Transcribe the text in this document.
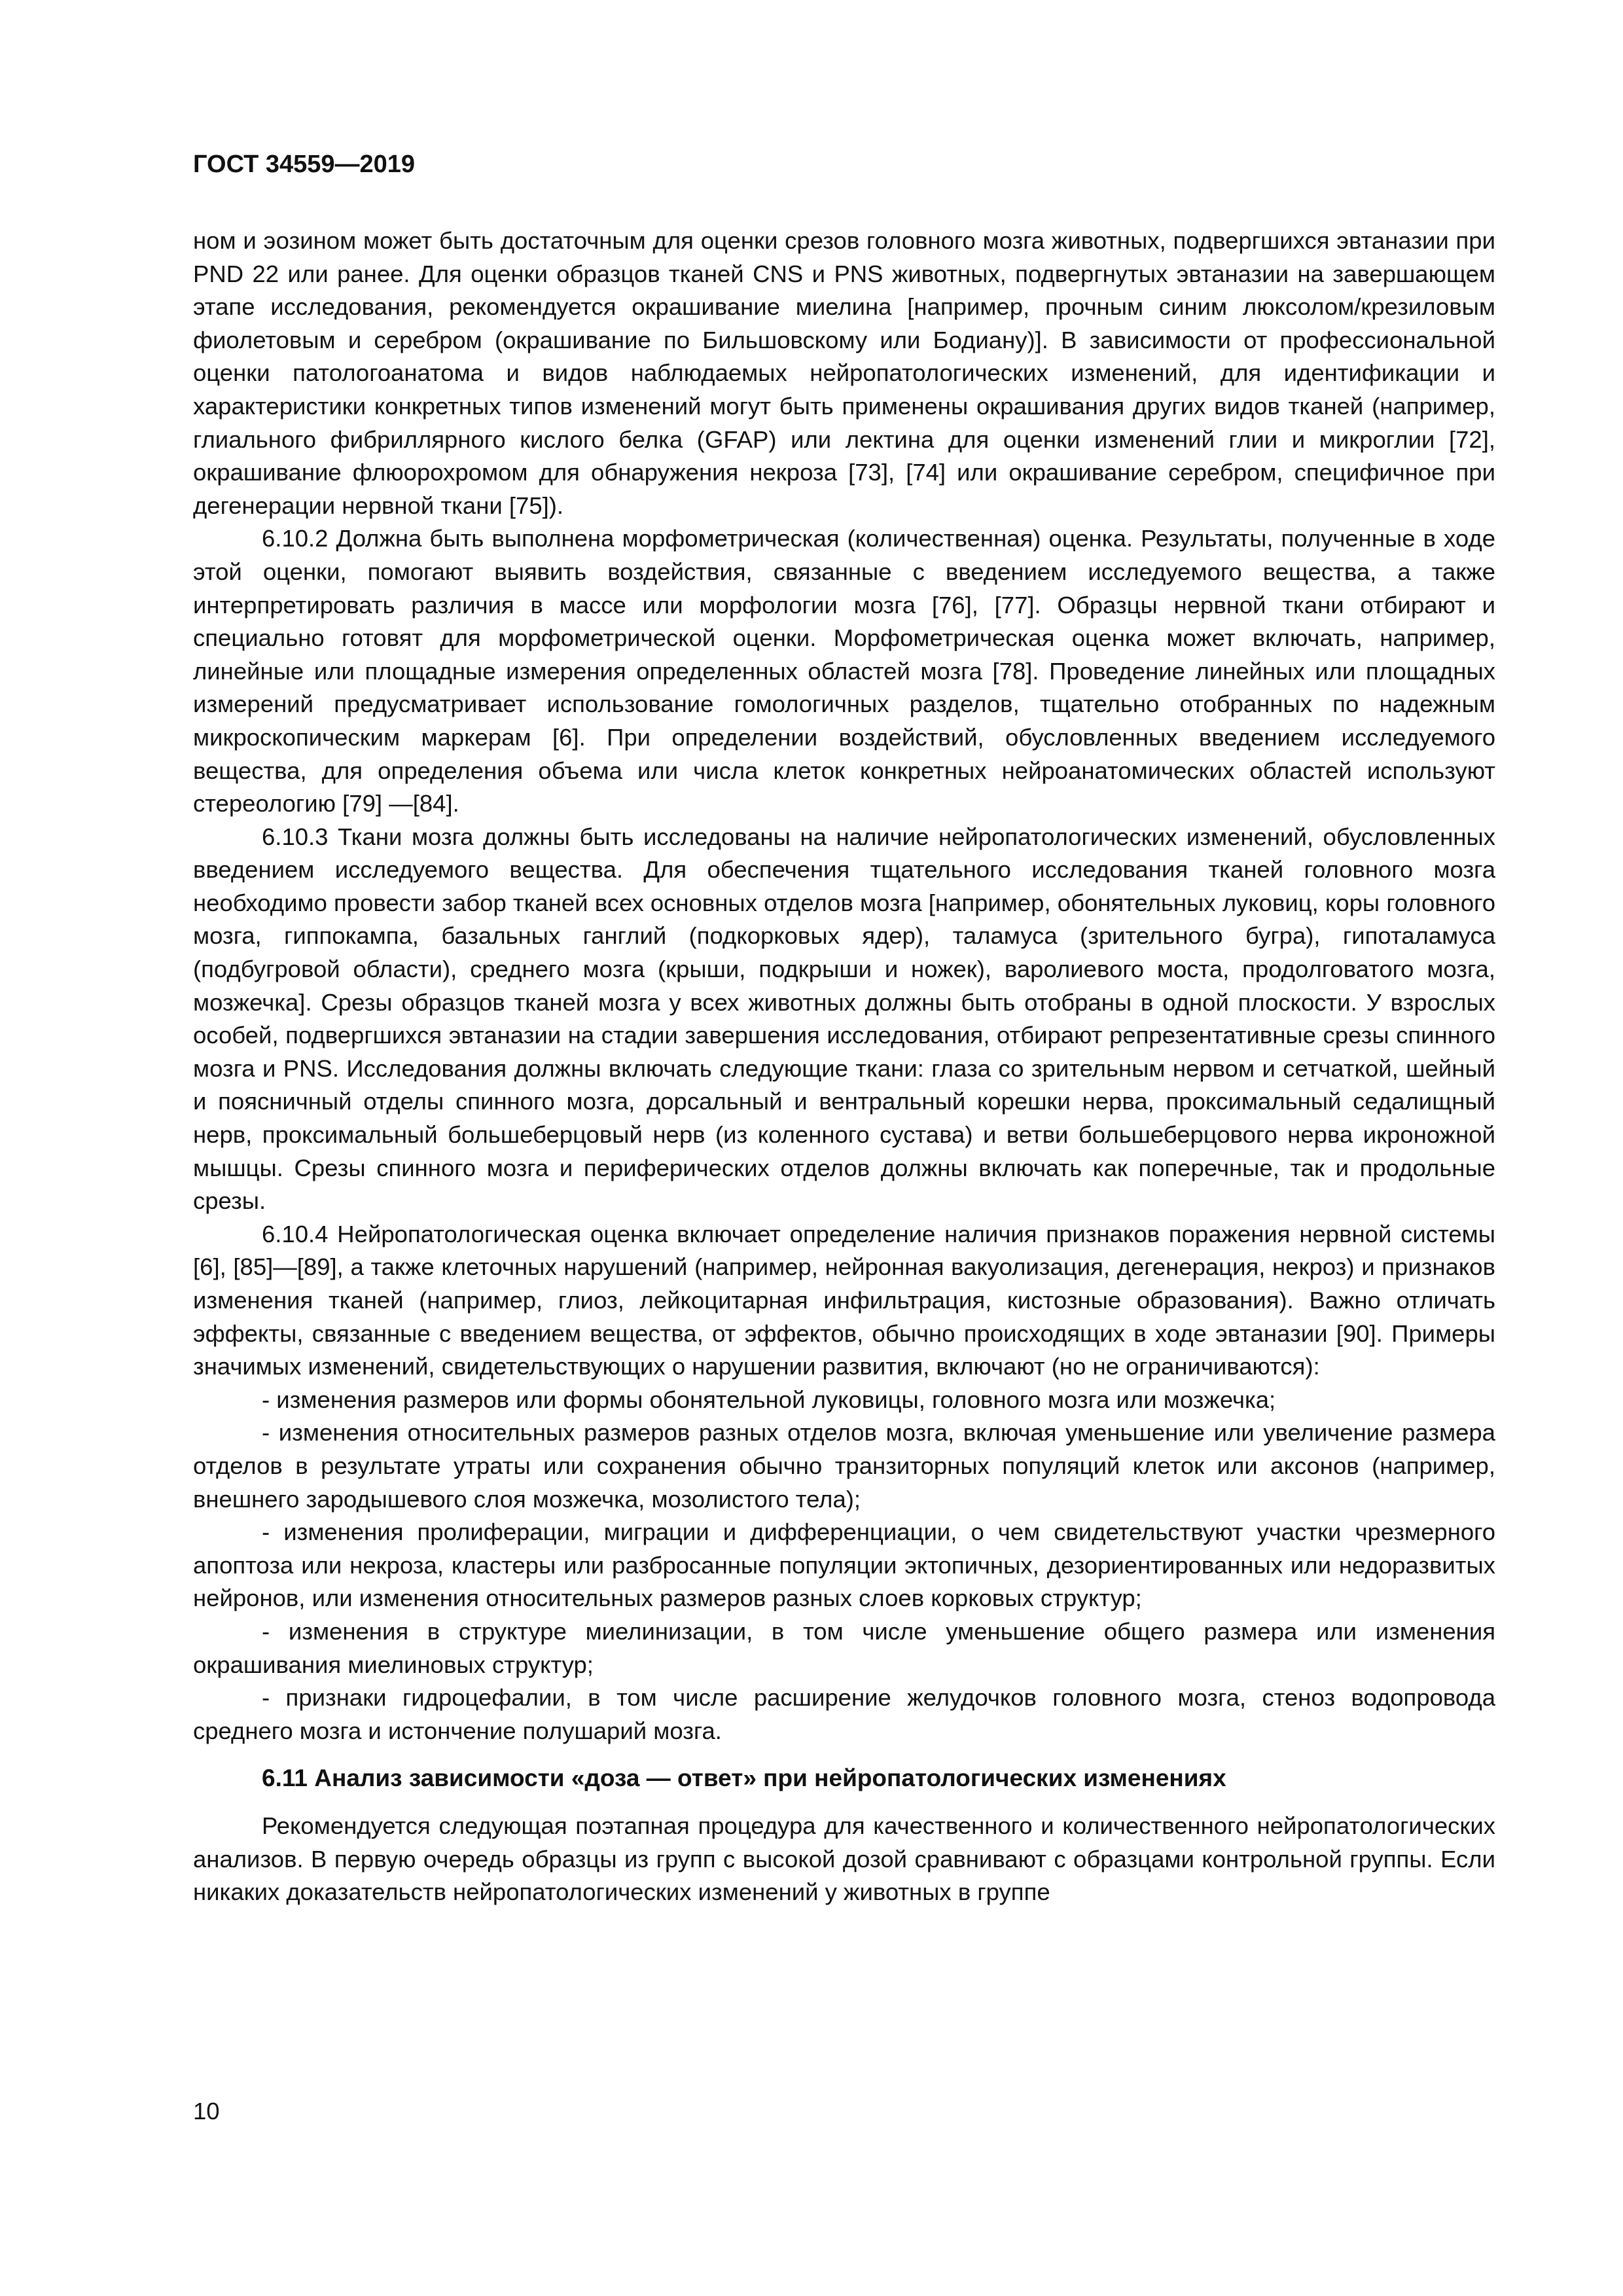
ГОСТ 34559—2019

ном и эозином может быть достаточным для оценки срезов головного мозга животных, подвергшихся эвтаназии при PND 22 или ранее. Для оценки образцов тканей CNS и PNS животных, подвергнутых эвтаназии на завершающем этапе исследования, рекомендуется окрашивание миелина [например, прочным синим люксолом/крезиловым фиолетовым и серебром (окрашивание по Бильшовскому или Бодиану)]. В зависимости от профессиональной оценки патологоанатома и видов наблюдаемых нейропатологических изменений, для идентификации и характеристики конкретных типов изменений могут быть применены окрашивания других видов тканей (например, глиального фибриллярного кислого белка (GFAP) или лектина для оценки изменений глии и микроглии [72], окрашивание флюорохромом для обнаружения некроза [73], [74] или окрашивание серебром, специфичное при дегенерации нервной ткани [75]).

6.10.2 Должна быть выполнена морфометрическая (количественная) оценка. Результаты, полученные в ходе этой оценки, помогают выявить воздействия, связанные с введением исследуемого вещества, а также интерпретировать различия в массе или морфологии мозга [76], [77]. Образцы нервной ткани отбирают и специально готовят для морфометрической оценки. Морфометрическая оценка может включать, например, линейные или площадные измерения определенных областей мозга [78]. Проведение линейных или площадных измерений предусматривает использование гомологичных разделов, тщательно отобранных по надежным микроскопическим маркерам [6]. При определении воздействий, обусловленных введением исследуемого вещества, для определения объема или числа клеток конкретных нейроанатомических областей используют стереологию [79] —[84].

6.10.3 Ткани мозга должны быть исследованы на наличие нейропатологических изменений, обусловленных введением исследуемого вещества. Для обеспечения тщательного исследования тканей головного мозга необходимо провести забор тканей всех основных отделов мозга [например, обонятельных луковиц, коры головного мозга, гиппокампа, базальных ганглий (подкорковых ядер), таламуса (зрительного бугра), гипоталамуса (подбугровой области), среднего мозга (крыши, подкрыши и ножек), варолиевого моста, продолговатого мозга, мозжечка]. Срезы образцов тканей мозга у всех животных должны быть отобраны в одной плоскости. У взрослых особей, подвергшихся эвтаназии на стадии завершения исследования, отбирают репрезентативные срезы спинного мозга и PNS. Исследования должны включать следующие ткани: глаза со зрительным нервом и сетчаткой, шейный и поясничный отделы спинного мозга, дорсальный и вентральный корешки нерва, проксимальный седалищный нерв, проксимальный большеберцовый нерв (из коленного сустава) и ветви большеберцового нерва икроножной мышцы. Срезы спинного мозга и периферических отделов должны включать как поперечные, так и продольные срезы.

6.10.4 Нейропатологическая оценка включает определение наличия признаков поражения нервной системы [6], [85]—[89], а также клеточных нарушений (например, нейронная вакуолизация, дегенерация, некроз) и признаков изменения тканей (например, глиоз, лейкоцитарная инфильтрация, кистозные образования). Важно отличать эффекты, связанные с введением вещества, от эффектов, обычно происходящих в ходе эвтаназии [90]. Примеры значимых изменений, свидетельствующих о нарушении развития, включают (но не ограничиваются):

- изменения размеров или формы обонятельной луковицы, головного мозга или мозжечка;

- изменения относительных размеров разных отделов мозга, включая уменьшение или увеличение размера отделов в результате утраты или сохранения обычно транзиторных популяций клеток или аксонов (например, внешнего зародышевого слоя мозжечка, мозолистого тела);

- изменения пролиферации, миграции и дифференциации, о чем свидетельствуют участки чрезмерного апоптоза или некроза, кластеры или разбросанные популяции эктопичных, дезориентированных или недоразвитых нейронов, или изменения относительных размеров разных слоев корковых структур;

- изменения в структуре миелинизации, в том числе уменьшение общего размера или изменения окрашивания миелиновых структур;

- признаки гидроцефалии, в том числе расширение желудочков головного мозга, стеноз водопровода среднего мозга и истончение полушарий мозга.

6.11 Анализ зависимости «доза — ответ» при нейропатологических изменениях

Рекомендуется следующая поэтапная процедура для качественного и количественного нейропатологических анализов. В первую очередь образцы из групп с высокой дозой сравнивают с образцами контрольной группы. Если никаких доказательств нейропатологических изменений у животных в группе

10
